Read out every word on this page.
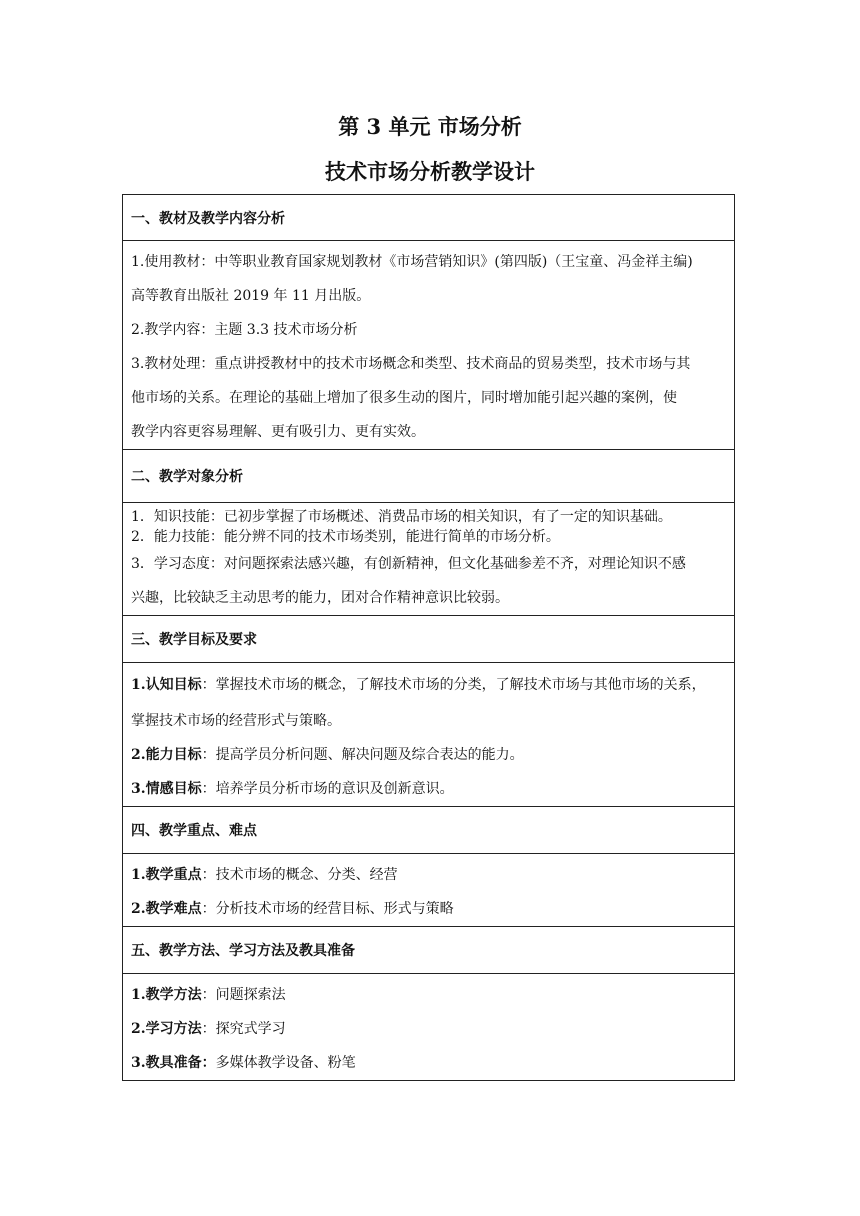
第 3 单元 市场分析
技术市场分析教学设计
一、教材及教学内容分析

1.使用教材：中等职业教育国家规划教材《市场营销知识》(第四版)（王宝童、冯金祥主编)
高等教育出版社 2019 年 11 月出版。
2.教学内容：主题 3.3 技术市场分析
3.教材处理：重点讲授教材中的技术市场概念和类型、技术商品的贸易类型，技术市场与其
他市场的关系。在理论的基础上增加了很多生动的图片，同时增加能引起兴趣的案例，使
教学内容更容易理解、更有吸引力、更有实效。

二、教学对象分析

1．知识技能：已初步掌握了市场概述、消费品市场的相关知识，有了一定的知识基础。
2．能力技能：能分辨不同的技术市场类别，能进行简单的市场分析。
3．学习态度：对问题探索法感兴趣，有创新精神，但文化基础参差不齐，对理论知识不感
兴趣，比较缺乏主动思考的能力，团对合作精神意识比较弱。

三、教学目标及要求

1.认知目标：掌握技术市场的概念，了解技术市场的分类，了解技术市场与其他市场的关系，
掌握技术市场的经营形式与策略。
2.能力目标：提高学员分析问题、解决问题及综合表达的能力。
3.情感目标：培养学员分析市场的意识及创新意识。

四、教学重点、难点

1.教学重点：技术市场的概念、分类、经营
2.教学难点：分析技术市场的经营目标、形式与策略

五、教学方法、学习方法及教具准备

1.教学方法：问题探索法
2.学习方法：探究式学习
3.教具准备：多媒体教学设备、粉笔
